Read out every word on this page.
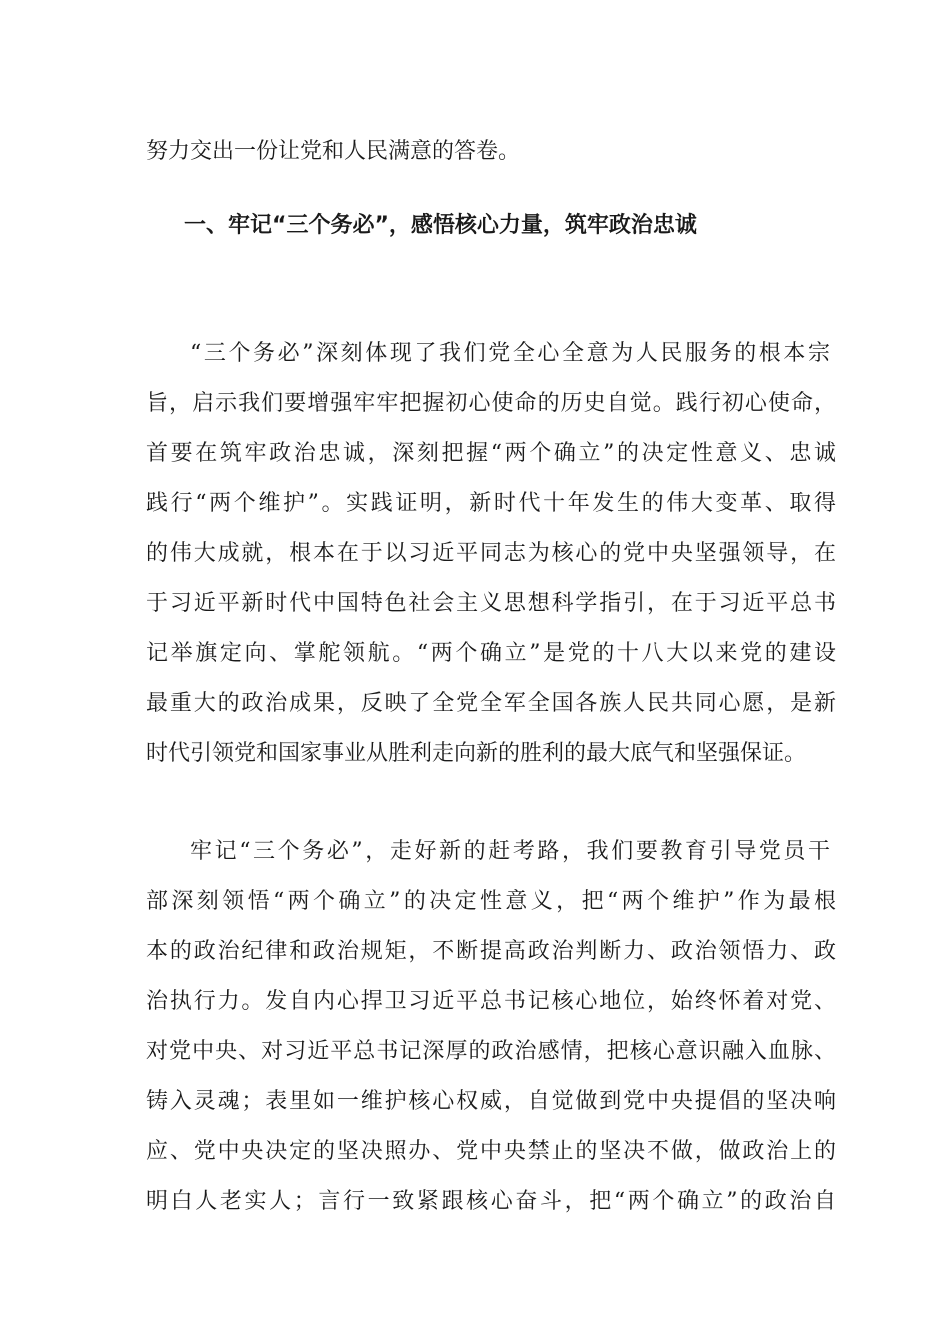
努力交出一份让党和人民满意的答卷。
一、牢记“三个务必”，感悟核心力量，筑牢政治忠诚
“三个务必”深刻体现了我们党全心全意为人民服务的根本宗
旨，启示我们要增强牢牢把握初心使命的历史自觉。践行初心使命，
首要在筑牢政治忠诚，深刻把握“两个确立”的决定性意义、忠诚
践行“两个维护”。实践证明，新时代十年发生的伟大变革、取得
的伟大成就，根本在于以习近平同志为核心的党中央坚强领导，在
于习近平新时代中国特色社会主义思想科学指引，在于习近平总书
记举旗定向、掌舵领航。“两个确立”是党的十八大以来党的建设
最重大的政治成果，反映了全党全军全国各族人民共同心愿，是新
时代引领党和国家事业从胜利走向新的胜利的最大底气和坚强保证。
牢记“三个务必”，走好新的赶考路，我们要教育引导党员干
部深刻领悟“两个确立”的决定性意义，把“两个维护”作为最根
本的政治纪律和政治规矩，不断提高政治判断力、政治领悟力、政
治执行力。发自内心捍卫习近平总书记核心地位，始终怀着对党、
对党中央、对习近平总书记深厚的政治感情，把核心意识融入血脉、
铸入灵魂；表里如一维护核心权威，自觉做到党中央提倡的坚决响
应、党中央决定的坚决照办、党中央禁止的坚决不做，做政治上的
明白人老实人；言行一致紧跟核心奋斗，把“两个确立”的政治自
